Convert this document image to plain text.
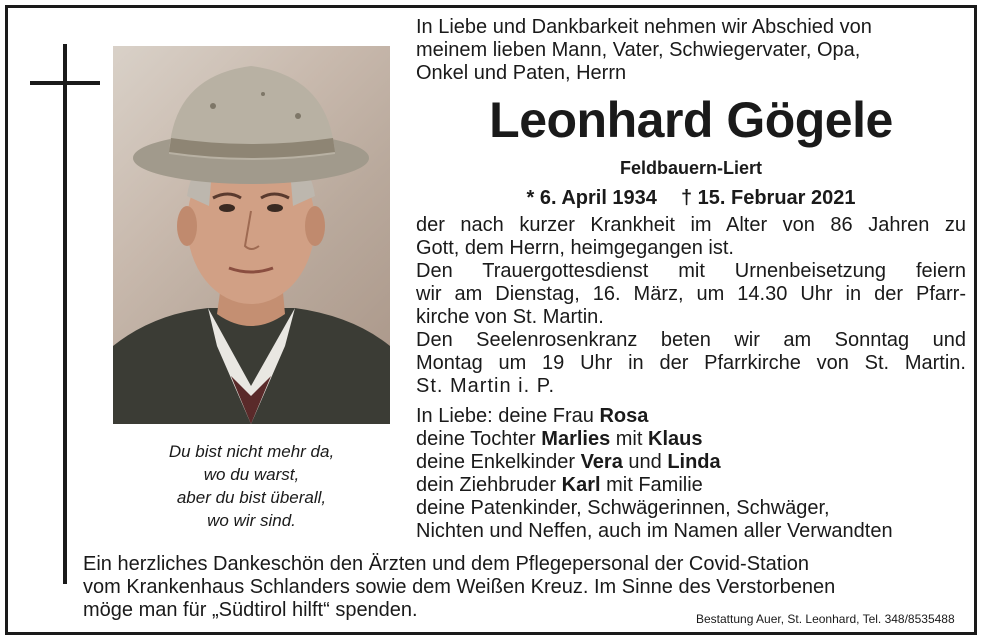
Du bist nicht mehr da,
wo du warst,
aber du bist überall,
wo wir sind.
In Liebe und Dankbarkeit nehmen wir Abschied von
meinem lieben Mann, Vater, Schwiegervater, Opa,
Onkel und Paten, Herrn
Leonhard Gögele
Feldbauern-Liert
* 6. April 1934 † 15. Februar 2021
der nach kurzer Krankheit im Alter von 86 Jahren zu
Gott, dem Herrn, heimgegangen ist.
Den Trauergottesdienst mit Urnenbeisetzung feiern
wir am Dienstag, 16. März, um 14.30 Uhr in der Pfarr-
kirche von St. Martin.
Den Seelenrosenkranz beten wir am Sonntag und
Montag um 19 Uhr in der Pfarrkirche von St. Martin.
St. Martin i. P.
In Liebe: deine Frau Rosa
deine Tochter Marlies mit Klaus
deine Enkelkinder Vera und Linda
dein Ziehbruder Karl mit Familie
deine Patenkinder, Schwägerinnen, Schwäger,
Nichten und Neffen, auch im Namen aller Verwandten
Ein herzliches Dankeschön den Ärzten und dem Pflegepersonal der Covid-Station
vom Krankenhaus Schlanders sowie dem Weißen Kreuz. Im Sinne des Verstorbenen
möge man für „Südtirol hilft“ spenden.	Bestattung Auer, St. Leonhard, Tel. 348/8535488
